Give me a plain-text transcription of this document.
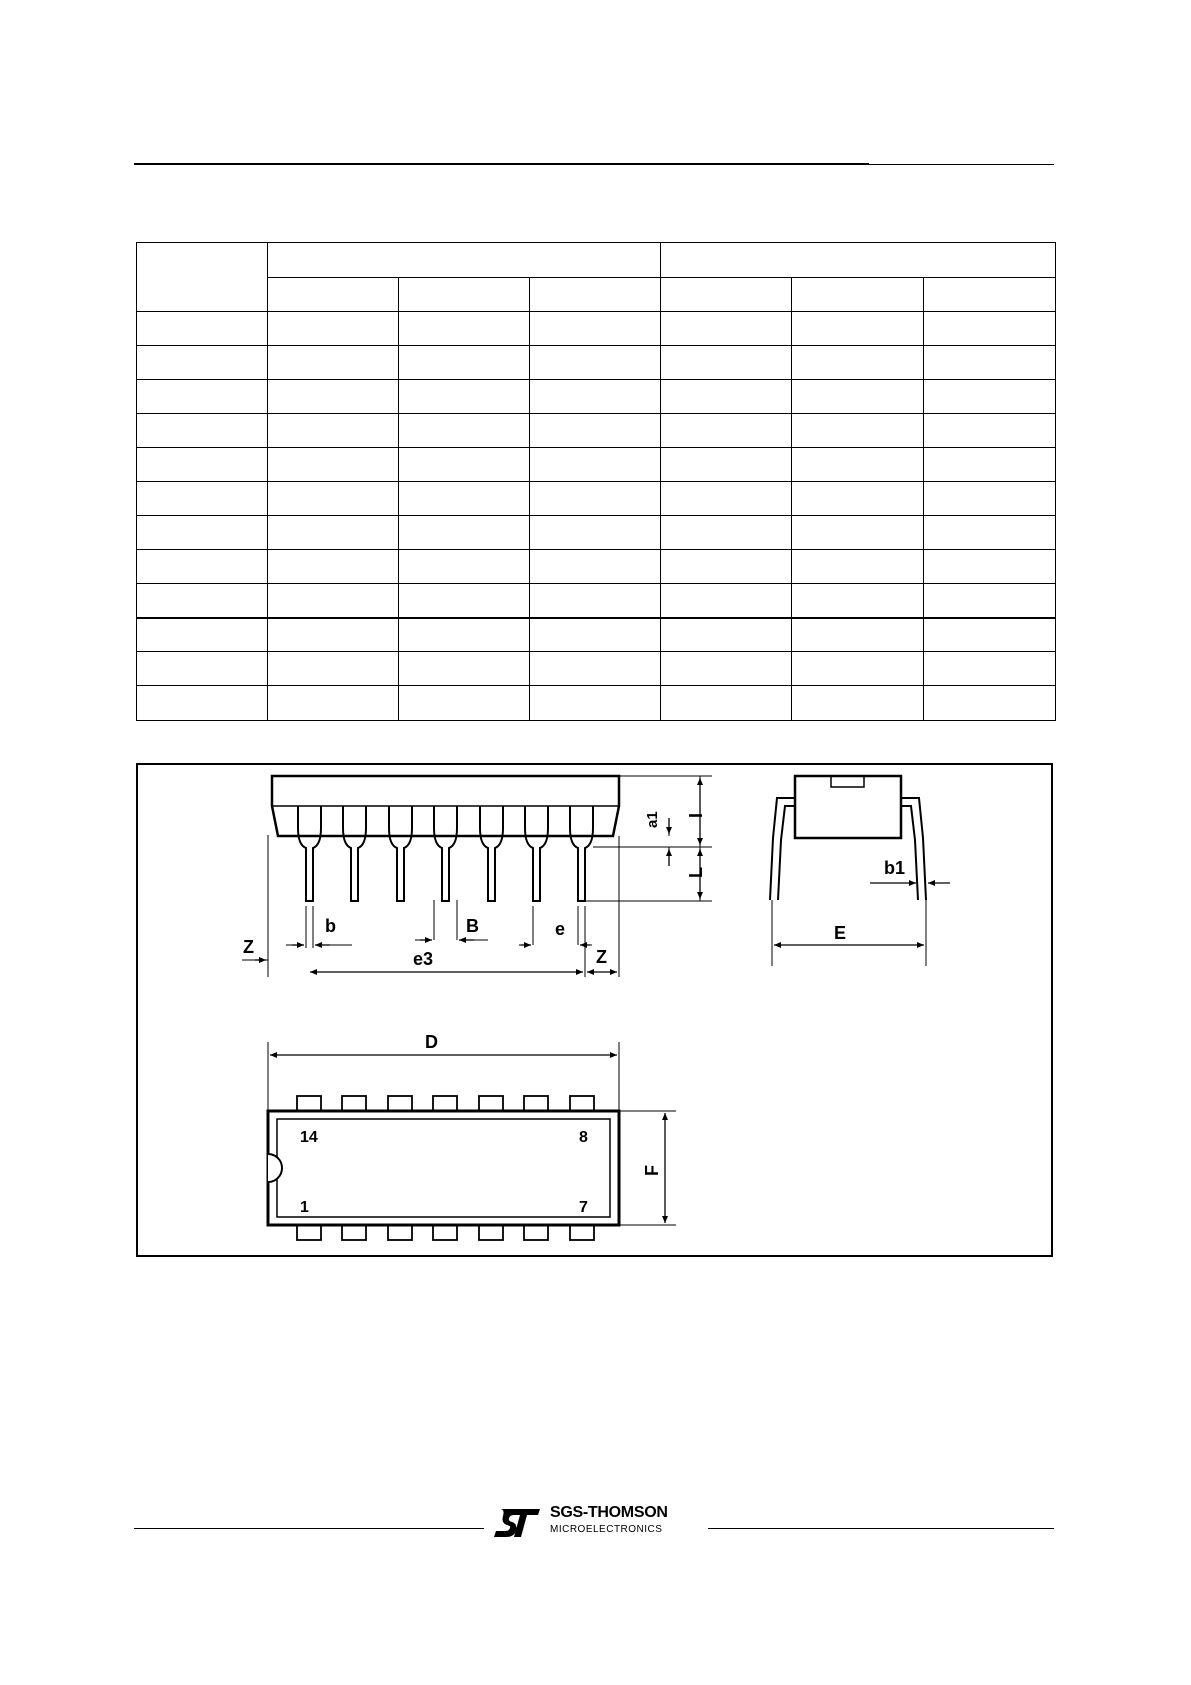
a1 I
L	b1
b	B	e
Z	Z
e3
E
D
F
14	8
1	7
SGS-THOMSON
MICROELECTRONICS
